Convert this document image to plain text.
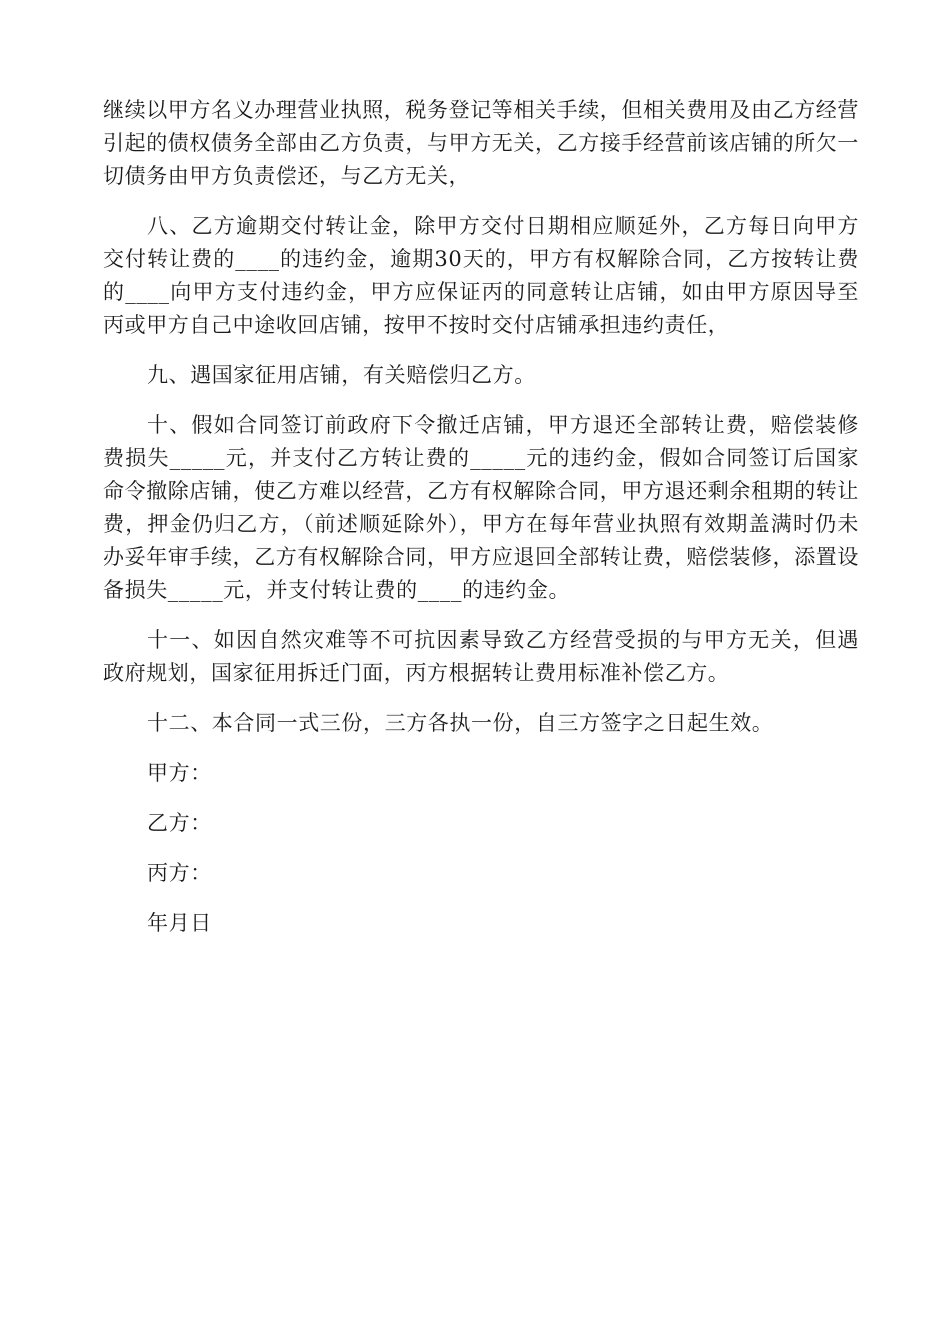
继续以甲方名义办理营业执照，税务登记等相关手续，但相关费用及由乙方经营引起的债权债务全部由乙方负责，与甲方无关，乙方接手经营前该店铺的所欠一切债务由甲方负责偿还，与乙方无关，

八、乙方逾期交付转让金，除甲方交付日期相应顺延外，乙方每日向甲方交付转让费的____的违约金，逾期30天的，甲方有权解除合同，乙方按转让费的____向甲方支付违约金，甲方应保证丙的同意转让店铺，如由甲方原因导至丙或甲方自己中途收回店铺，按甲不按时交付店铺承担违约责任，

九、遇国家征用店铺，有关赔偿归乙方。

十、假如合同签订前政府下令撤迁店铺，甲方退还全部转让费，赔偿装修费损失_____元，并支付乙方转让费的_____元的违约金，假如合同签订后国家命令撤除店铺，使乙方难以经营，乙方有权解除合同，甲方退还剩余租期的转让费，押金仍归乙方，（前述顺延除外），甲方在每年营业执照有效期盖满时仍未办妥年审手续，乙方有权解除合同，甲方应退回全部转让费，赔偿装修，添置设备损失_____元，并支付转让费的____的违约金。

十一、如因自然灾难等不可抗因素导致乙方经营受损的与甲方无关，但遇政府规划，国家征用拆迁门面，丙方根据转让费用标准补偿乙方。

十二、本合同一式三份，三方各执一份，自三方签字之日起生效。

甲方：

乙方：

丙方：

年月日
